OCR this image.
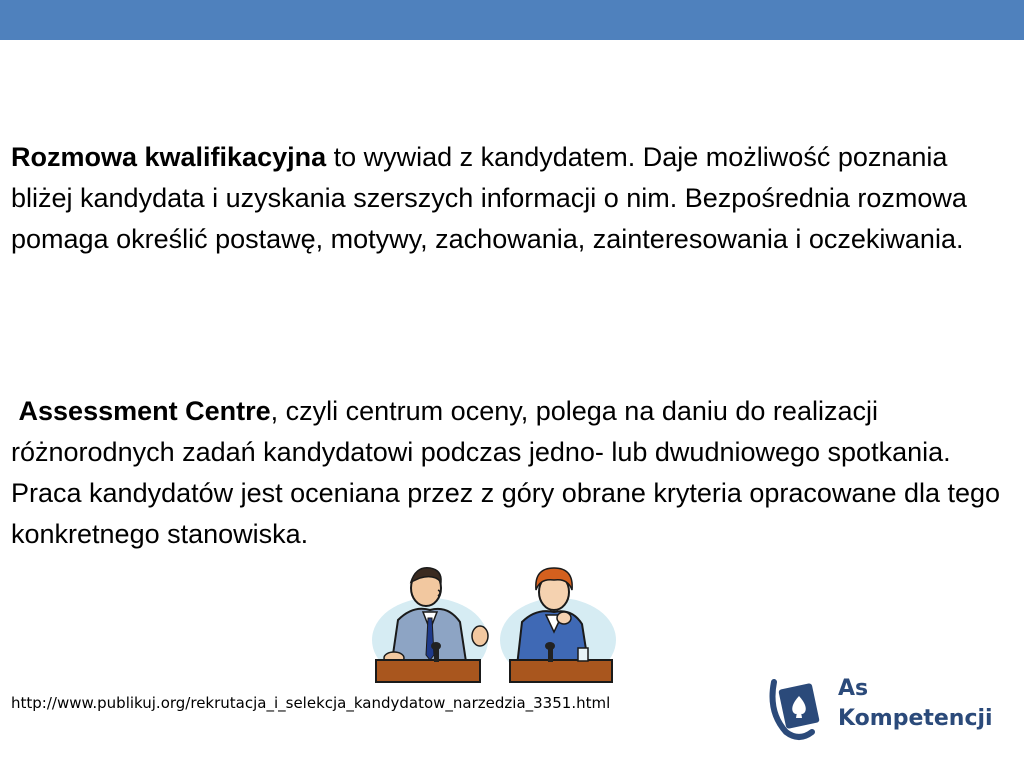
Rozmowa kwalifikacyjna to wywiad z kandydatem. Daje możliwość poznania bliżej kandydata i uzyskania szerszych informacji o nim. Bezpośrednia rozmowa pomaga określić postawę, motywy, zachowania, zainteresowania i oczekiwania.

Assessment Centre, czyli centrum oceny, polega na daniu do realizacji różnorodnych zadań kandydatowi podczas jedno- lub dwudniowego spotkania. Praca kandydatów jest oceniana przez z góry obrane kryteria opracowane dla tego konkretnego stanowiska.

http://www.publikuj.org/rekrutacja_i_selekcja_kandydatow_narzedzia_3351.html
As
Kompetencji
